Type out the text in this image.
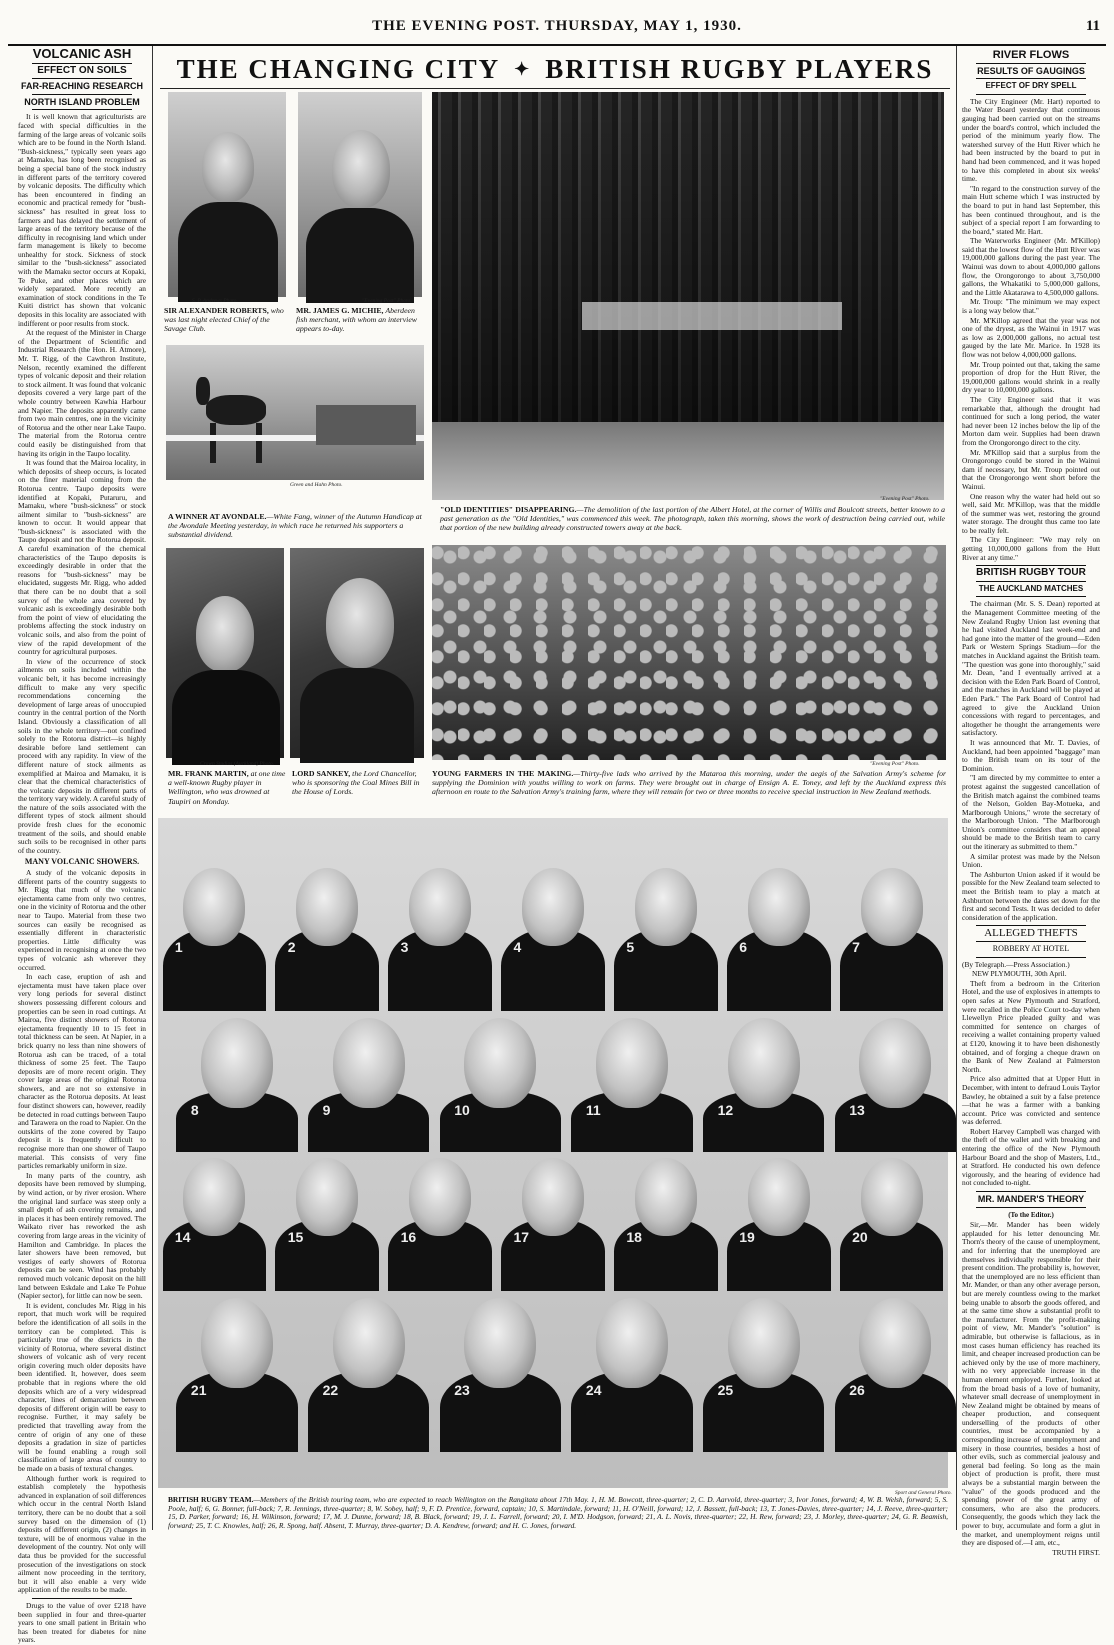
THE EVENING POST. THURSDAY, MAY 1, 1930.	11
VOLCANIC ASH
EFFECT ON SOILS
FAR-REACHING RESEARCH
NORTH ISLAND PROBLEM

It is well known that agriculturists are faced with special difficulties in the farming of the large areas of volcanic soils which are to be found in the North Island. "Bush-sickness," typically seen years ago at Mamaku, has long been recognised as being a special bane of the stock industry in different parts of the territory covered by volcanic deposits. The difficulty which has been encountered in finding an economic and practical remedy for "bush-sickness" has resulted in great loss to farmers and has delayed the settlement of large areas of the territory because of the difficulty in recognising land which under farm management is likely to become unhealthy for stock. Sickness of stock similar to the "bush-sickness" associated with the Mamaku sector occurs at Kopaki, Te Puke, and other places which are widely separated. More recently an examination of stock conditions in the Te Kuiti district has shown that volcanic deposits in this locality are associated with indifferent or poor results from stock.

At the request of the Minister in Charge of the Department of Scientific and Industrial Research (the Hon. H. Atmore), Mr. T. Rigg, of the Cawthron Institute, Nelson, recently examined the different types of volcanic deposit and their relation to stock ailment. It was found that volcanic deposits covered a very large part of the whole country between Kawhia Harbour and Napier. The deposits apparently came from two main centres, one in the vicinity of Rotorua and the other near Lake Taupo. The material from the Rotorua centre could easily be distinguished from that having its origin in the Taupo locality.

It was found that the Mairoa locality, in which deposits of sheep occurs, is located on the finer material coming from the Rotorua centre. Taupo deposits were identified at Kopaki, Putaruru, and Mamaku, where "bush-sickness" or stock ailment similar to "bush-sickness" are known to occur. It would appear that "bush-sickness" is associated with the Taupo deposit and not the Rotorua deposit. A careful examination of the chemical characteristics of the Taupo deposits is exceedingly desirable in order that the reasons for "bush-sickness" may be elucidated, suggests Mr. Rigg, who added that there can be no doubt that a soil survey of the whole area covered by volcanic ash is exceedingly desirable both from the point of view of elucidating the problems affecting the stock industry on volcanic soils, and also from the point of view of the rapid development of the country for agricultural purposes.

In view of the occurrence of stock ailments on soils included within the volcanic belt, it has become increasingly difficult to make any very specific recommendations concerning the development of large areas of unoccupied country in the central portion of the North Island. Obviously a classification of all soils in the whole territory—not confined solely to the Rotorua district—is highly desirable before land settlement can proceed with any rapidity. In view of the different nature of stock ailments as exemplified at Mairoa and Mamaku, it is clear that the chemical characteristics of the volcanic deposits in different parts of the territory vary widely. A careful study of the nature of the soils associated with the different types of stock ailment should provide fresh clues for the economic treatment of the soils, and should enable such soils to be recognised in other parts of the country.

MANY VOLCANIC SHOWERS.

A study of the volcanic deposits in different parts of the country suggests to Mr. Rigg that much of the volcanic ejectamenta came from only two centres, one in the vicinity of Rotorua and the other near to Taupo. Material from these two sources can easily be recognised as essentially different in characteristic properties. Little difficulty was experienced in recognising at once the two types of volcanic ash wherever they occurred.

In each case, eruption of ash and ejectamenta must have taken place over very long periods for several distinct showers possessing different colours and properties can be seen in road cuttings. At Mairoa, five distinct showers of Rotorua ejectamenta frequently 10 to 15 feet in total thickness can be seen. At Napier, in a brick quarry no less than nine showers of Rotorua ash can be traced, of a total thickness of some 25 feet. The Taupo deposits are of more recent origin. They cover large areas of the original Rotorua showers, and are not so extensive in character as the Rotorua deposits. At least four distinct showers can, however, readily be detected in road cuttings between Taupo and Tarawera on the road to Napier. On the outskirts of the zone covered by Taupo deposit it is frequently difficult to recognise more than one shower of Taupo material. This consists of very fine particles remarkably uniform in size.

In many parts of the country, ash deposits have been removed by slumping, by wind action, or by river erosion. Where the original land surface was steep only a small depth of ash covering remains, and in places it has been entirely removed. The Waikato river has reworked the ash covering from large areas in the vicinity of Hamilton and Cambridge. In places the later showers have been removed, but vestiges of early showers of Rotorua deposits can be seen. Wind has probably removed much volcanic deposit on the hill land between Eskdale and Lake Te Pohue (Napier sector), for little can now be seen.

It is evident, concludes Mr. Rigg in his report, that much work will be required before the identification of all soils in the territory can be completed. This is particularly true of the districts in the vicinity of Rotorua, where several distinct showers of volcanic ash of very recent origin covering much older deposits have been identified. It, however, does seem probable that in regions where the old deposits which are of a very widespread character, lines of demarcation between deposits of different origin will be easy to recognise. Further, it may safely be predicted that travelling away from the centre of origin of any one of these deposits a gradation in size of particles will be found enabling a rough soil classification of large areas of country to be made on a basis of textural changes.

Although further work is required to establish completely the hypothesis advanced in explanation of soil differences which occur in the central North Island territory, there can be no doubt that a soil survey based on the dimension of (1) deposits of different origin, (2) changes in texture, will be of enormous value in the development of the country. Not only will data thus be provided for the successful prosecution of the investigations on stock ailment now proceeding in the territory, but it will also enable a very wide application of the results to be made.

Drugs to the value of over £218 have been supplied in four and three-quarter years to one small patient in Britain who has been treated for diabetes for nine years.

THE CHANGING CITY ✦ BRITISH RUGBY PLAYERS
S. P. Andrews Photo.
SIR ALEXANDER ROBERTS, who was last night elected Chief of the Savage Club.
"Evening Post" Photo.
MR. JAMES G. MICHIE, Aberdeen fish merchant, with whom an interview appears to-day.
Green and Hahn Photo.
A WINNER AT AVONDALE.—White Fang, winner of the Autumn Handicap at the Avondale Meeting yesterday, in which race he returned his supporters a substantial dividend.
"Evening Post" Photo.
"OLD IDENTITIES" DISAPPEARING.—The demolition of the last portion of the Albert Hotel, at the corner of Willis and Boulcott streets, better known to a past generation as the "Old Identities," was commenced this week. The photograph, taken this morning, shows the work of destruction being carried out, while that portion of the new building already constructed towers away at the back.
Crown Studios (Auckland) Photo.
MR. FRANK MARTIN, at one time a well-known Rugby player in Wellington, who was drowned at Taupiri on Monday.
LORD SANKEY, the Lord Chancellor, who is sponsoring the Coal Mines Bill in the House of Lords.
"Evening Post" Photo.
YOUNG FARMERS IN THE MAKING.—Thirty-five lads who arrived by the Mataroa this morning, under the aegis of the Salvation Army's scheme for supplying the Dominion with youths willing to work on farms. They were brought out in charge of Ensign A. E. Toney, and left by the Auckland express this afternoon en route to the Salvation Army's training farm, where they will remain for two or three months to receive special instruction in New Zealand methods.
1	2	3	4	5	6	7
8	9	10	11	12	13
14	15	16	17	18	19	20
21	22	23	24	25	26
Sport and General Photo.
BRITISH RUGBY TEAM.—Members of the British touring team, who are expected to reach Wellington on the Rangitata about 17th May. 1, H. M. Bowcott, three-quarter; 2, C. D. Aarvold, three-quarter; 3, Ivor Jones, forward; 4, W. B. Welsh, forward; 5, S. Poole, half; 6, G. Bonner, full-back; 7, R. Jennings, three-quarter; 8, W. Sobey, half; 9, F. D. Prentice, forward, captain; 10, S. Martindale, forward; 11, H. O'Neill, forward; 12, J. Bassett, full-back; 13, T. Jones-Davies, three-quarter; 14, J. Reeve, three-quarter; 15, D. Parker, forward; 16, H. Wilkinson, forward; 17, M. J. Dunne, forward; 18, B. Black, forward; 19, J. L. Farrell, forward; 20, I. M'D. Hodgson, forward; 21, A. L. Novis, three-quarter; 22, H. Rew, forward; 23, J. Morley, three-quarter; 24, G. R. Beamish, forward; 25, T. C. Knowles, half; 26, R. Spong, half. Absent, T. Murray, three-quarter; D. A. Kendrew, forward; and H. C. Jones, forward.
RIVER FLOWS
RESULTS OF GAUGINGS
EFFECT OF DRY SPELL

The City Engineer (Mr. Hart) reported to the Water Board yesterday that continuous gauging had been carried out on the streams under the board's control, which included the period of the minimum yearly flow. The watershed survey of the Hutt River which he had been instructed by the board to put in hand had been commenced, and it was hoped to have this completed in about six weeks' time.

"In regard to the construction survey of the main Hutt scheme which I was instructed by the board to put in hand last September, this has been continued throughout, and is the subject of a special report I am forwarding to the board," stated Mr. Hart.

The Waterworks Engineer (Mr. M'Killop) said that the lowest flow of the Hutt River was 19,000,000 gallons during the past year. The Wainui was down to about 4,000,000 gallons flow, the Orongorongo to about 3,750,000 gallons, the Whakatiki to 5,000,000 gallons, and the Little Akatarawa to 4,500,000 gallons.

Mr. Troup: "The minimum we may expect is a long way below that."

Mr. M'Killop agreed that the year was not one of the dryest, as the Wainui in 1917 was as low as 2,000,000 gallons, no actual test gauged by the late Mr. Marice. In 1928 its flow was not below 4,000,000 gallons.

Mr. Troup pointed out that, taking the same proportion of drop for the Hutt River, the 19,000,000 gallons would shrink in a really dry year to 10,000,000 gallons.

The City Engineer said that it was remarkable that, although the drought had continued for such a long period, the water had never been 12 inches below the lip of the Morton dam weir. Supplies had been drawn from the Orongorongo direct to the city.

Mr. M'Killop said that a surplus from the Orongorongo could be stored in the Wainui dam if necessary, but Mr. Troup pointed out that the Orongorongo went short before the Wainui.

One reason why the water had held out so well, said Mr. M'Killop, was that the middle of the summer was wet, restoring the ground water storage. The drought thus came too late to be really felt.

The City Engineer: "We may rely on getting 10,000,000 gallons from the Hutt River at any time."

BRITISH RUGBY TOUR
THE AUCKLAND MATCHES

The chairman (Mr. S. S. Dean) reported at the Management Committee meeting of the New Zealand Rugby Union last evening that he had visited Auckland last week-end and had gone into the matter of the ground—Eden Park or Western Springs Stadium—for the matches in Auckland against the British team. "The question was gone into thoroughly," said Mr. Dean, "and I eventually arrived at a decision with the Eden Park Board of Control, and the matches in Auckland will be played at Eden Park." The Park Board of Control had agreed to give the Auckland Union concessions with regard to percentages, and altogether he thought the arrangements were satisfactory.

It was announced that Mr. T. Davies, of Auckland, had been appointed "baggage" man to the British team on its tour of the Dominion.

"I am directed by my committee to enter a protest against the suggested cancellation of the British match against the combined teams of the Nelson, Golden Bay-Motueka, and Marlborough Unions," wrote the secretary of the Marlborough Union. "The Marlborough Union's committee considers that an appeal should be made to the British team to carry out the itinerary as submitted to them."

A similar protest was made by the Nelson Union.

The Ashburton Union asked if it would be possible for the New Zealand team selected to meet the British team to play a match at Ashburton between the dates set down for the first and second Tests. It was decided to defer consideration of the application.

ALLEGED THEFTS
ROBBERY AT HOTEL
(By Telegraph.—Press Association.)
NEW PLYMOUTH, 30th April.

Theft from a bedroom in the Criterion Hotel, and the use of explosives in attempts to open safes at New Plymouth and Stratford, were recalled in the Police Court to-day when Llewellyn Price pleaded guilty and was committed for sentence on charges of receiving a wallet containing property valued at £120, knowing it to have been dishonestly obtained, and of forging a cheque drawn on the Bank of New Zealand at Palmerston North.

Price also admitted that at Upper Hutt in December, with intent to defraud Louis Taylor Bawley, he obtained a suit by a false pretence—that he was a farmer with a banking account. Price was convicted and sentence was deferred.

Robert Harvey Campbell was charged with the theft of the wallet and with breaking and entering the office of the New Plymouth Harbour Board and the shop of Masters, Ltd., at Stratford. He conducted his own defence vigorously, and the hearing of evidence had not concluded to-night.

MR. MANDER'S THEORY
(To the Editor.)

Sir,—Mr. Mander has been widely applauded for his letter denouncing Mr. Thorn's theory of the cause of unemployment, and for inferring that the unemployed are themselves individually responsible for their present condition. The probability is, however, that the unemployed are no less efficient than Mr. Mander, or than any other average person, but are merely countless owing to the market being unable to absorb the goods offered, and at the same time show a substantial profit to the manufacturer. From the profit-making point of view, Mr. Mander's "solution" is admirable, but otherwise is fallacious, as in most cases human efficiency has reached its limit, and cheaper increased production can be achieved only by the use of more machinery, with no very appreciable increase in the human element employed. Further, looked at from the broad basis of a love of humanity, whatever small decrease of unemployment in New Zealand might be obtained by means of cheaper production, and consequent underselling of the products of other countries, must be accompanied by a corresponding increase of unemployment and misery in those countries, besides a host of other evils, such as commercial jealousy and general bad feeling. So long as the main object of production is profit, there must always be a substantial margin between the "value" of the goods produced and the spending power of the great army of consumers, who are also the producers. Consequently, the goods which they lack the power to buy, accumulate and form a glut in the market, and unemployment reigns until they are disposed of.—I am, etc.,

TRUTH FIRST.
